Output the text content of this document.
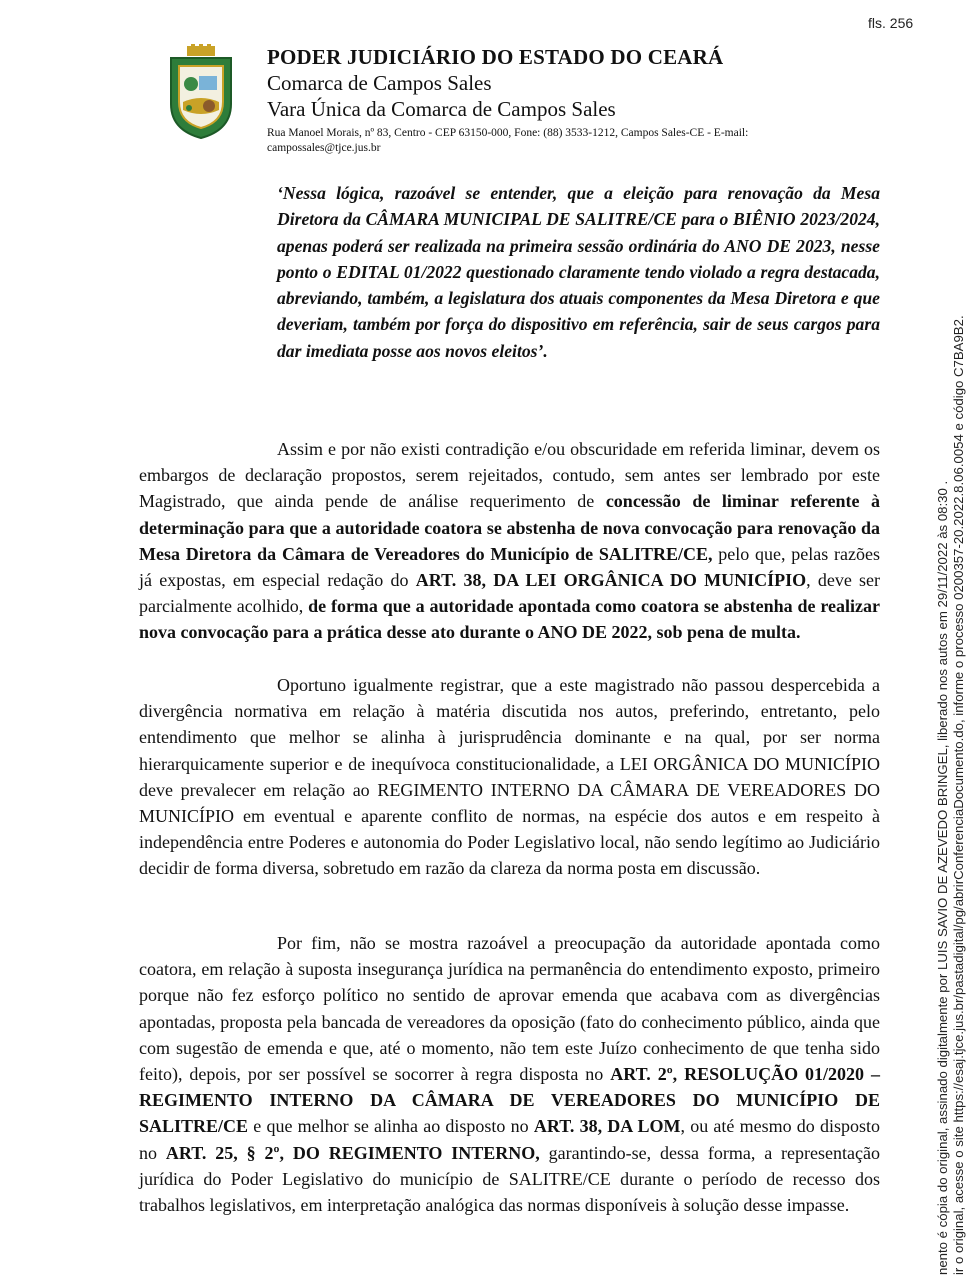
fls. 256
PODER JUDICIÁRIO DO ESTADO DO CEARÁ
Comarca de Campos Sales
Vara Única da Comarca de Campos Sales
Rua Manoel Morais, nº 83, Centro - CEP 63150-000, Fone: (88) 3533-1212, Campos Sales-CE - E-mail: campossales@tjce.jus.br
‘Nessa lógica, razoável se entender, que a eleição para renovação da Mesa Diretora da CÂMARA MUNICIPAL DE SALITRE/CE para o BIÊNIO 2023/2024, apenas poderá ser realizada na primeira sessão ordinária do ANO DE 2023, nesse ponto o EDITAL 01/2022 questionado claramente tendo violado a regra destacada, abreviando, também, a legislatura dos atuais componentes da Mesa Diretora e que deveriam, também por força do dispositivo em referência, sair de seus cargos para dar imediata posse aos novos eleitos’.
Assim e por não existi contradição e/ou obscuridade em referida liminar, devem os embargos de declaração propostos, serem rejeitados, contudo, sem antes ser lembrado por este Magistrado, que ainda pende de análise requerimento de concessão de liminar referente à determinação para que a autoridade coatora se abstenha de nova convocação para renovação da Mesa Diretora da Câmara de Vereadores do Município de SALITRE/CE, pelo que, pelas razões já expostas, em especial redação do ART. 38, DA LEI ORGÂNICA DO MUNICÍPIO, deve ser parcialmente acolhido, de forma que a autoridade apontada como coatora se abstenha de realizar nova convocação para a prática desse ato durante o ANO DE 2022, sob pena de multa.
Oportuno igualmente registrar, que a este magistrado não passou despercebida a divergência normativa em relação à matéria discutida nos autos, preferindo, entretanto, pelo entendimento que melhor se alinha à jurisprudência dominante e na qual, por ser norma hierarquicamente superior e de inequívoca constitucionalidade, a LEI ORGÂNICA DO MUNICÍPIO deve prevalecer em relação ao REGIMENTO INTERNO DA CÂMARA DE VEREADORES DO MUNICÍPIO em eventual e aparente conflito de normas, na espécie dos autos e em respeito à independência entre Poderes e autonomia do Poder Legislativo local, não sendo legítimo ao Judiciário decidir de forma diversa, sobretudo em razão da clareza da norma posta em discussão.
Por fim, não se mostra razoável a preocupação da autoridade apontada como coatora, em relação à suposta insegurança jurídica na permanência do entendimento exposto, primeiro porque não fez esforço político no sentido de aprovar emenda que acabava com as divergências apontadas, proposta pela bancada de vereadores da oposição (fato do conhecimento público, ainda que com sugestão de emenda e que, até o momento, não tem este Juízo conhecimento de que tenha sido feito), depois, por ser possível se socorrer à regra disposta no ART. 2º, RESOLUÇÃO 01/2020 – REGIMENTO INTERNO DA CÂMARA DE VEREADORES DO MUNICÍPIO DE SALITRE/CE e que melhor se alinha ao disposto no ART. 38, DA LOM, ou até mesmo do disposto no ART. 25, § 2º, DO REGIMENTO INTERNO, garantindo-se, dessa forma, a representação jurídica do Poder Legislativo do município de SALITRE/CE durante o período de recesso dos trabalhos legislativos, em interpretação analógica das normas disponíveis à solução desse impasse.	nento é cópia do original, assinado digitalmente por LUIS SAVIO DE AZEVEDO BRINGEL, liberado nos autos em 29/11/2022 às 08:30 . ir o original, acesse o site https://esaj.tjce.jus.br/pastadigital/pg/abrirConferenciaDocumento.do, informe o processo 0200357-20.2022.8.06.0054 e código C7BA9B2.
